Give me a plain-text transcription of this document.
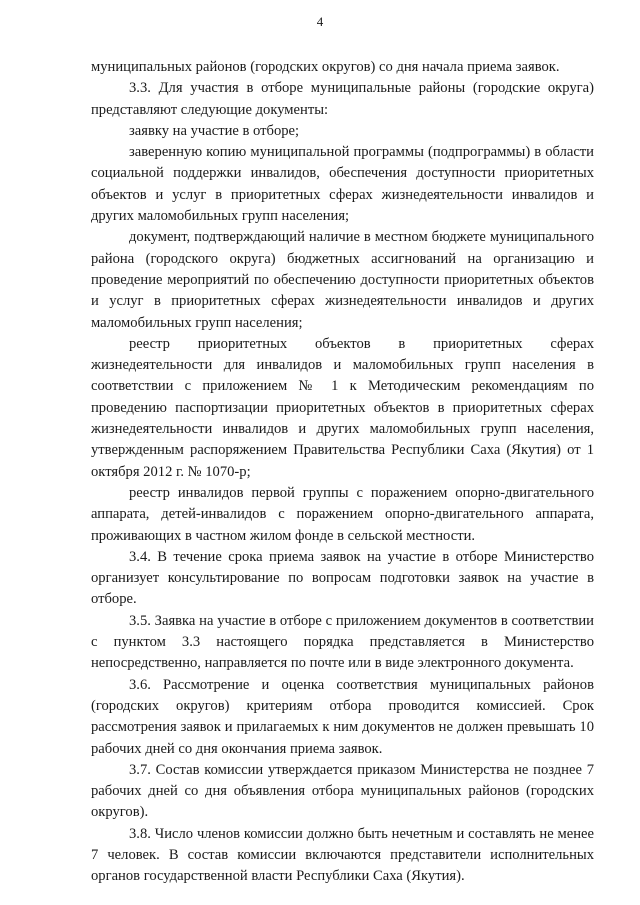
4

муниципальных районов (городских округов) со дня начала приема заявок.

3.3. Для участия в отборе муниципальные районы (городские округа) представляют следующие документы:

заявку на участие в отборе;

заверенную копию муниципальной программы (подпрограммы) в области социальной поддержки инвалидов, обеспечения доступности приоритетных объектов и услуг в приоритетных сферах жизнедеятельности инвалидов и других маломобильных групп населения;

документ, подтверждающий наличие в местном бюджете муниципального района (городского округа) бюджетных ассигнований на организацию и проведение мероприятий по обеспечению доступности приоритетных объектов и услуг в приоритетных сферах жизнедеятельности инвалидов и других маломобильных групп населения;

реестр приоритетных объектов в приоритетных сферах жизнедеятельности для инвалидов и маломобильных групп населения в соответствии с приложением № 1 к Методическим рекомендациям по проведению паспортизации приоритетных объектов в приоритетных сферах жизнедеятельности инвалидов и других маломобильных групп населения, утвержденным распоряжением Правительства Республики Саха (Якутия) от 1 октября 2012 г. № 1070-р;

реестр инвалидов первой группы с поражением опорно-двигательного аппарата, детей-инвалидов с поражением опорно-двигательного аппарата, проживающих в частном жилом фонде в сельской местности.

3.4. В течение срока приема заявок на участие в отборе Министерство организует консультирование по вопросам подготовки заявок на участие в отборе.

3.5. Заявка на участие в отборе с приложением документов в соответствии с пунктом 3.3 настоящего порядка представляется в Министерство непосредственно, направляется по почте или в виде электронного документа.

3.6. Рассмотрение и оценка соответствия муниципальных районов (городских округов) критериям отбора проводится комиссией. Срок рассмотрения заявок и прилагаемых к ним документов не должен превышать 10 рабочих дней со дня окончания приема заявок.

3.7. Состав комиссии утверждается приказом Министерства не позднее 7 рабочих дней со дня объявления отбора муниципальных районов (городских округов).

3.8. Число членов комиссии должно быть нечетным и составлять не менее 7 человек. В состав комиссии включаются представители исполнительных органов государственной власти Республики Саха (Якутия).
